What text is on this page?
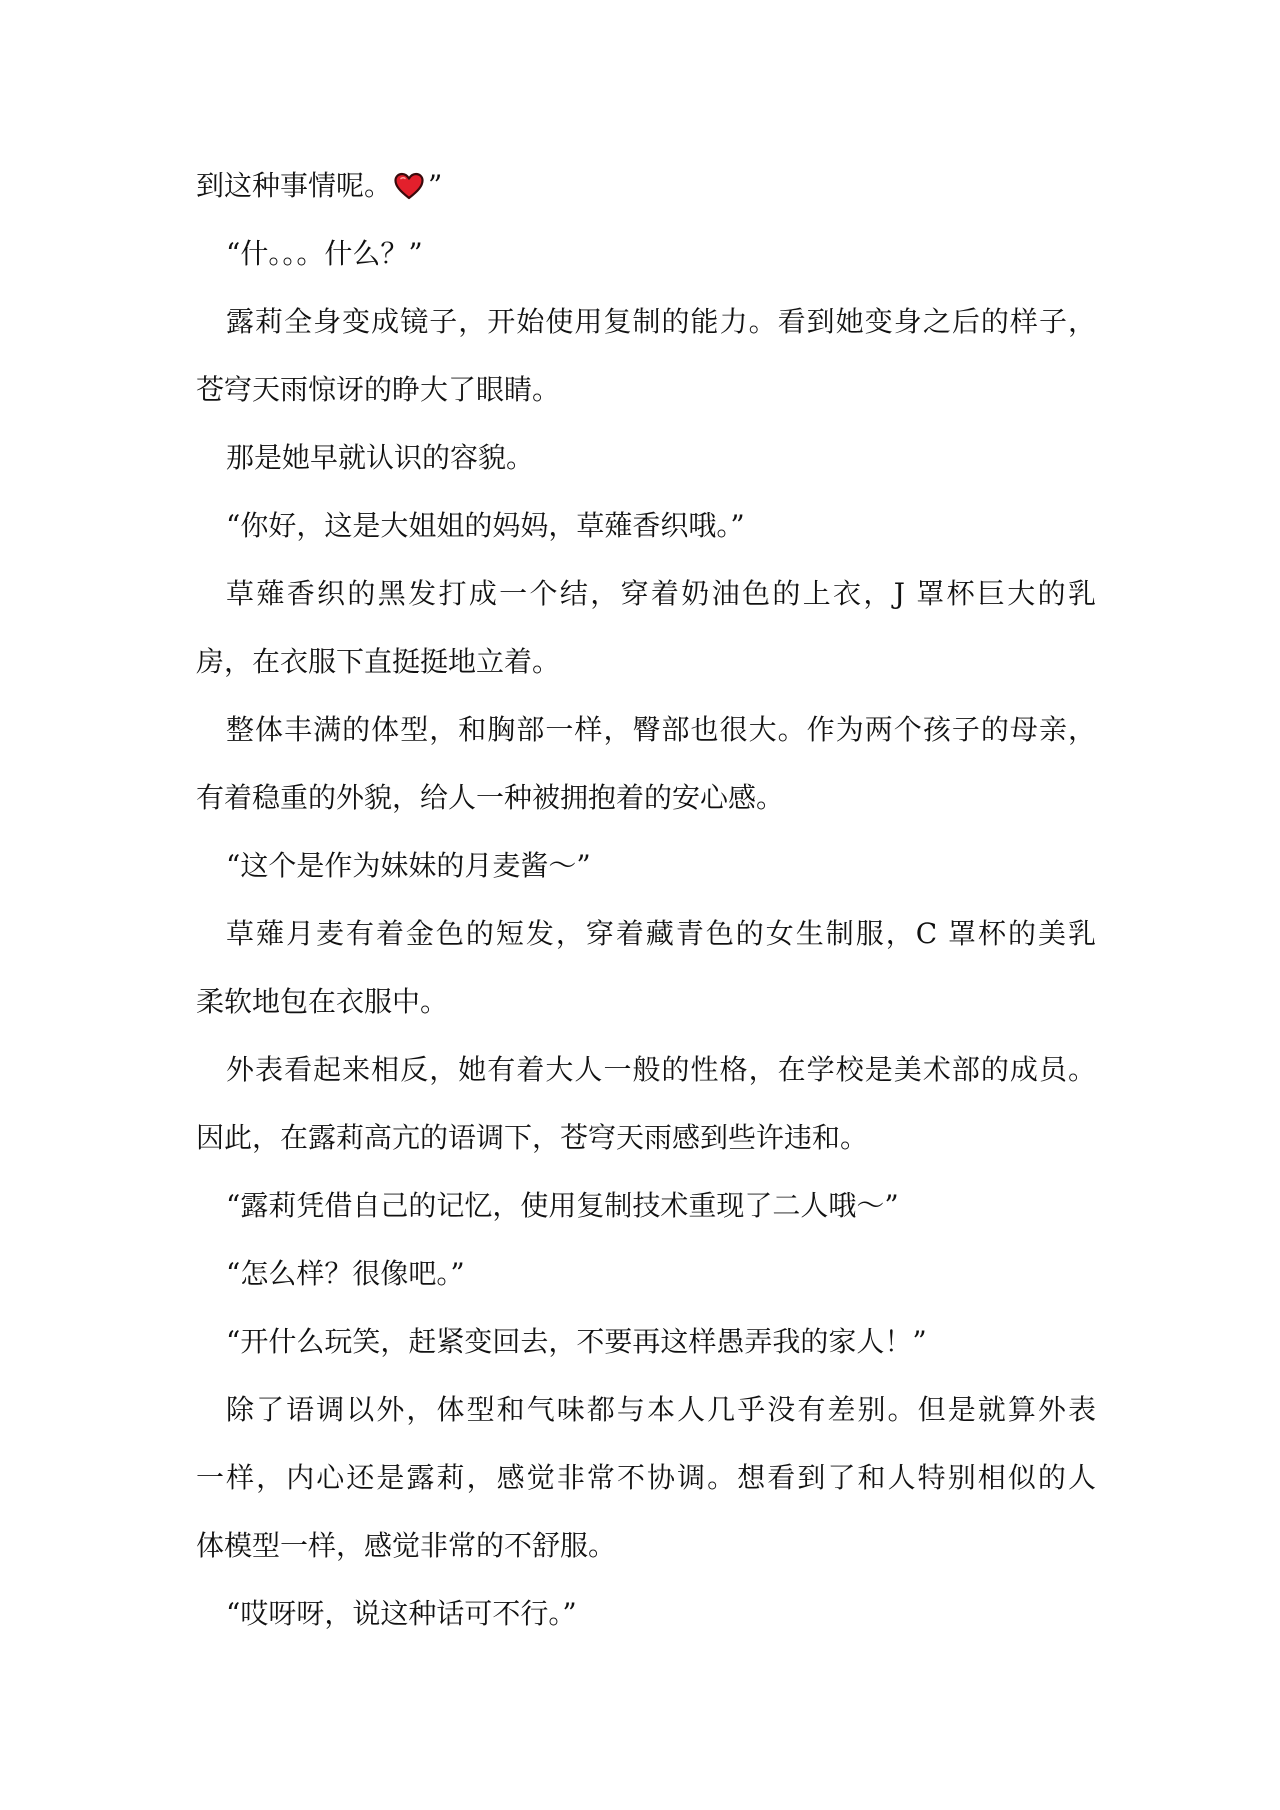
到这种事情呢。 ”
“什。。。什么？”
露莉全身变成镜子，开始使用复制的能力。看到她变身之后的样子，
苍穹天雨惊讶的睁大了眼睛。
那是她早就认识的容貌。
“你好，这是大姐姐的妈妈，草薙香织哦。”
草薙香织的黑发打成一个结，穿着奶油色的上衣，J 罩杯巨大的乳
房，在衣服下直挺挺地立着。
整体丰满的体型，和胸部一样，臀部也很大。作为两个孩子的母亲，
有着稳重的外貌，给人一种被拥抱着的安心感。
“这个是作为妹妹的月麦酱～”
草薙月麦有着金色的短发，穿着藏青色的女生制服，C 罩杯的美乳
柔软地包在衣服中。
外表看起来相反，她有着大人一般的性格，在学校是美术部的成员。
因此，在露莉高亢的语调下，苍穹天雨感到些许违和。
“露莉凭借自己的记忆，使用复制技术重现了二人哦～”
“怎么样？很像吧。”
“开什么玩笑，赶紧变回去，不要再这样愚弄我的家人！”
除了语调以外，体型和气味都与本人几乎没有差别。但是就算外表
一样，内心还是露莉，感觉非常不协调。想看到了和人特别相似的人
体模型一样，感觉非常的不舒服。
“哎呀呀，说这种话可不行。”
